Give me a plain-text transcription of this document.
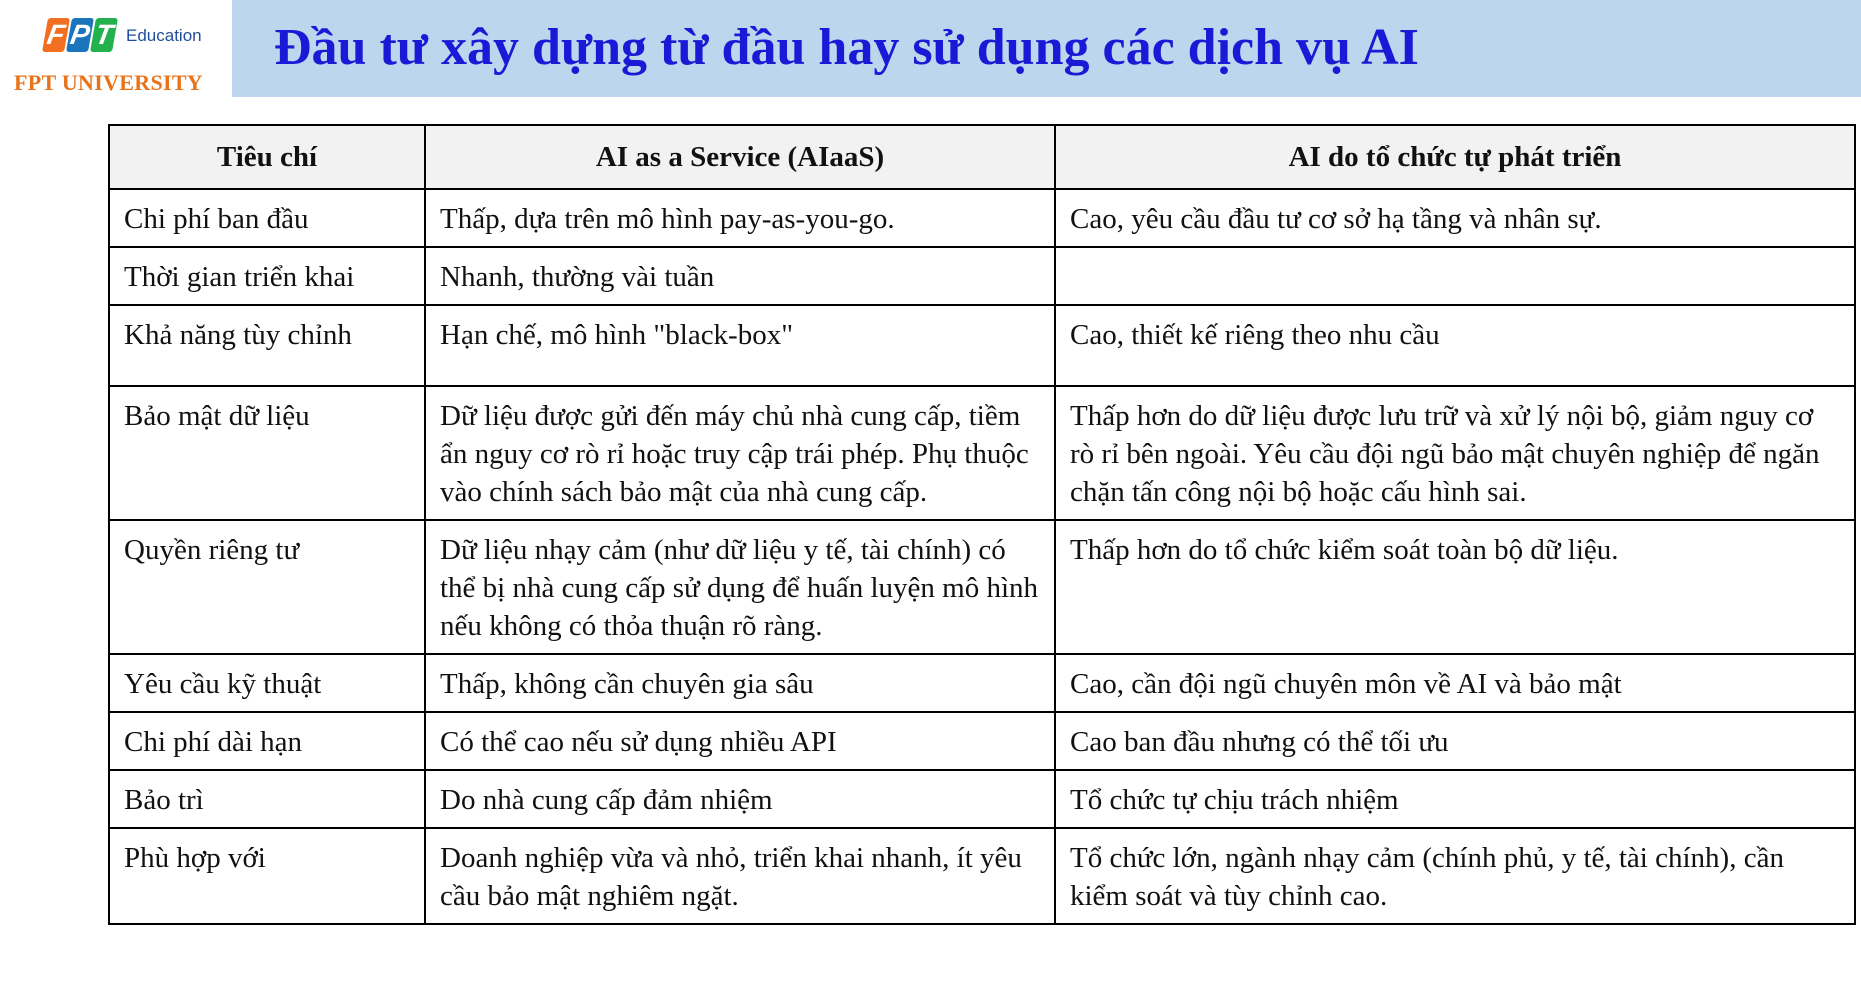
F P T Education
FPT UNIVERSITY
Đầu tư xây dựng từ đầu hay sử dụng các dịch vụ AI
Tiêu chí	AI as a Service (AIaaS)	AI do tổ chức tự phát triển
Chi phí ban đầu	Thấp, dựa trên mô hình pay-as-you-go.	Cao, yêu cầu đầu tư cơ sở hạ tầng và nhân sự.
Thời gian triển khai	Nhanh, thường vài tuần	
Khả năng tùy chỉnh	Hạn chế, mô hình "black-box"	Cao, thiết kế riêng theo nhu cầu
Bảo mật dữ liệu	Dữ liệu được gửi đến máy chủ nhà cung cấp, tiềm ẩn nguy cơ rò rỉ hoặc truy cập trái phép. Phụ thuộc vào chính sách bảo mật của nhà cung cấp.	Thấp hơn do dữ liệu được lưu trữ và xử lý nội bộ, giảm nguy cơ rò rỉ bên ngoài. Yêu cầu đội ngũ bảo mật chuyên nghiệp để ngăn chặn tấn công nội bộ hoặc cấu hình sai.
Quyền riêng tư	Dữ liệu nhạy cảm (như dữ liệu y tế, tài chính) có thể bị nhà cung cấp sử dụng để huấn luyện mô hình nếu không có thỏa thuận rõ ràng.	Thấp hơn do tổ chức kiểm soát toàn bộ dữ liệu.
Yêu cầu kỹ thuật	Thấp, không cần chuyên gia sâu	Cao, cần đội ngũ chuyên môn về AI và bảo mật
Chi phí dài hạn	Có thể cao nếu sử dụng nhiều API	Cao ban đầu nhưng có thể tối ưu
Bảo trì	Do nhà cung cấp đảm nhiệm	Tổ chức tự chịu trách nhiệm
Phù hợp với	Doanh nghiệp vừa và nhỏ, triển khai nhanh, ít yêu cầu bảo mật nghiêm ngặt.	Tổ chức lớn, ngành nhạy cảm (chính phủ, y tế, tài chính), cần kiểm soát và tùy chỉnh cao.
